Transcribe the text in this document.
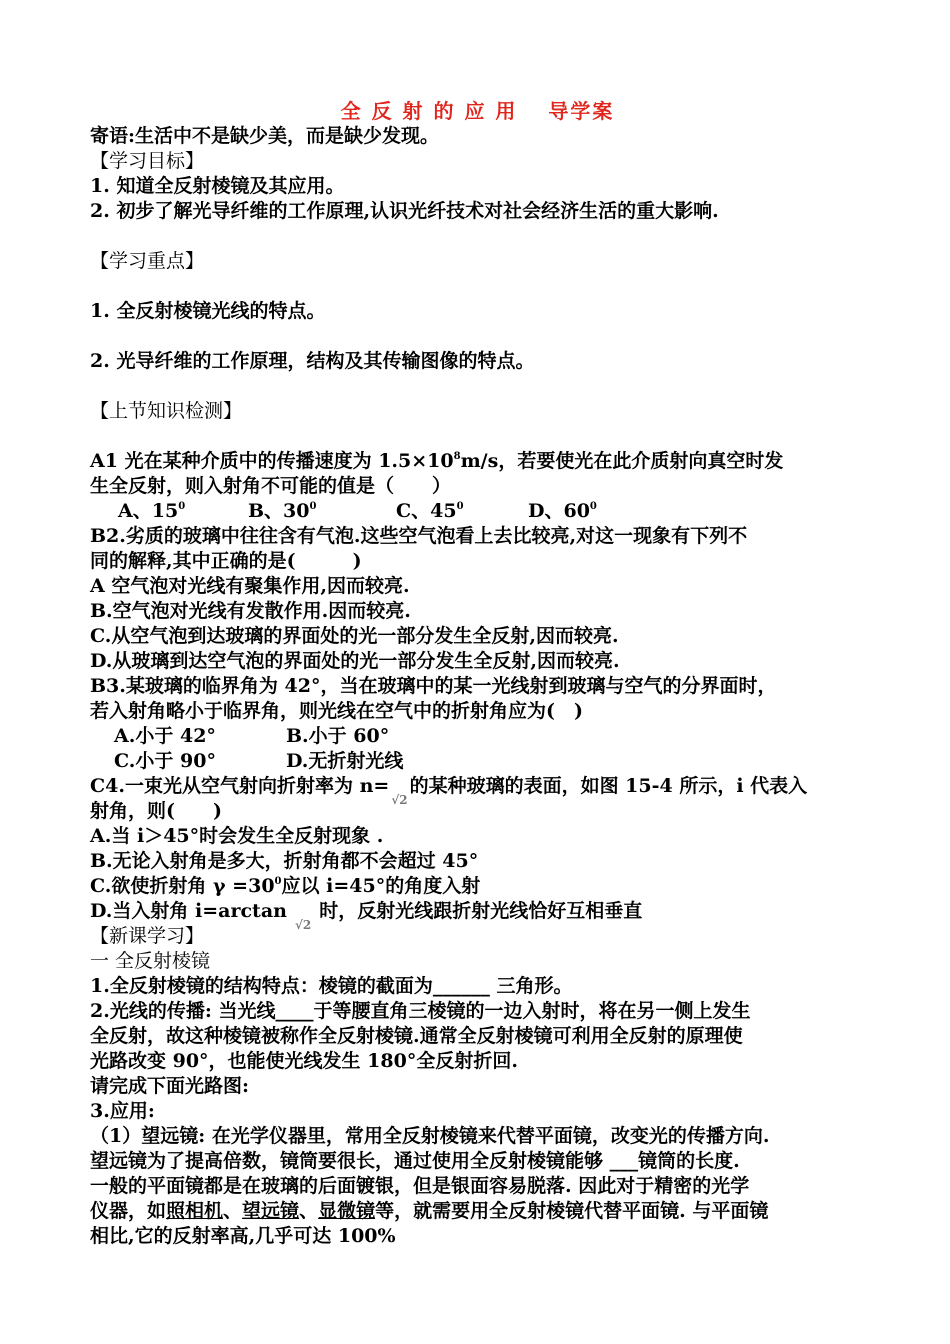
全 反 射 的 应 用　 导学案
寄语:生活中不是缺少美，而是缺少发现。
【学习目标】
1. 知道全反射棱镜及其应用。
2. 初步了解光导纤维的工作原理,认识光纤技术对社会经济生活的重大影响.
【学习重点】
1. 全反射棱镜光线的特点。
2. 光导纤维的工作原理，结构及其传输图像的特点。
【上节知识检测】
A1 光在某种介质中的传播速度为 $1.5\times 10^8m/s$，若要使光在此介质射向真空时发
生全反射，则入射角不可能的值是（　　）
A、$15^0$	B、$30^0$	C、$45^0$	D、$60^0$
B2.劣质的玻璃中往往含有气泡.这些空气泡看上去比较亮,对这一现象有下列不
同的解释,其中正确的是(　　　)
A 空气泡对光线有聚集作用,因而较亮.
B.空气泡对光线有发散作用.因而较亮.
C.从空气泡到达玻璃的界面处的光一部分发生全反射,因而较亮.
D.从玻璃到达空气泡的界面处的光一部分发生全反射,因而较亮.
B3.某玻璃的临界角为 42°，当在玻璃中的某一光线射到玻璃与空气的分界面时，
若入射角略小于临界角，则光线在空气中的折射角应为(　)
A.小于 42°	B.小于 60°
C.小于 90°	D.无折射光线
C4.一束光从空气射向折射率为 n=√2的某种玻璃的表面，如图 15-4 所示，i 代表入
射角，则(　　)
A.当 i＞45°时会发生全反射现象 .
B.无论入射角是多大，折射角都不会超过 45°
C.欲使折射角 $\gamma =30^0$应以 i=45°的角度入射
D.当入射角 i=arctan√2时，反射光线跟折射光线恰好互相垂直
【新课学习】
一 全反射棱镜
1.全反射棱镜的结构特点：棱镜的截面为______ 三角形。
2.光线的传播: 当光线____于等腰直角三棱镜的一边入射时，将在另一侧上发生
全反射，故这种棱镜被称作全反射棱镜.通常全反射棱镜可利用全反射的原理使
光路改变 90°，也能使光线发生 180°全反射折回.
请完成下面光路图:
3.应用:
（1）望远镜: 在光学仪器里，常用全反射棱镜来代替平面镜，改变光的传播方向.
望远镜为了提高倍数，镜筒要很长，通过使用全反射棱镜能够 ___镜筒的长度.
一般的平面镜都是在玻璃的后面镀银，但是银面容易脱落. 因此对于精密的光学
仪器，如照相机、望远镜、显微镜等，就需要用全反射棱镜代替平面镜. 与平面镜
相比,它的反射率高,几乎可达 100%
